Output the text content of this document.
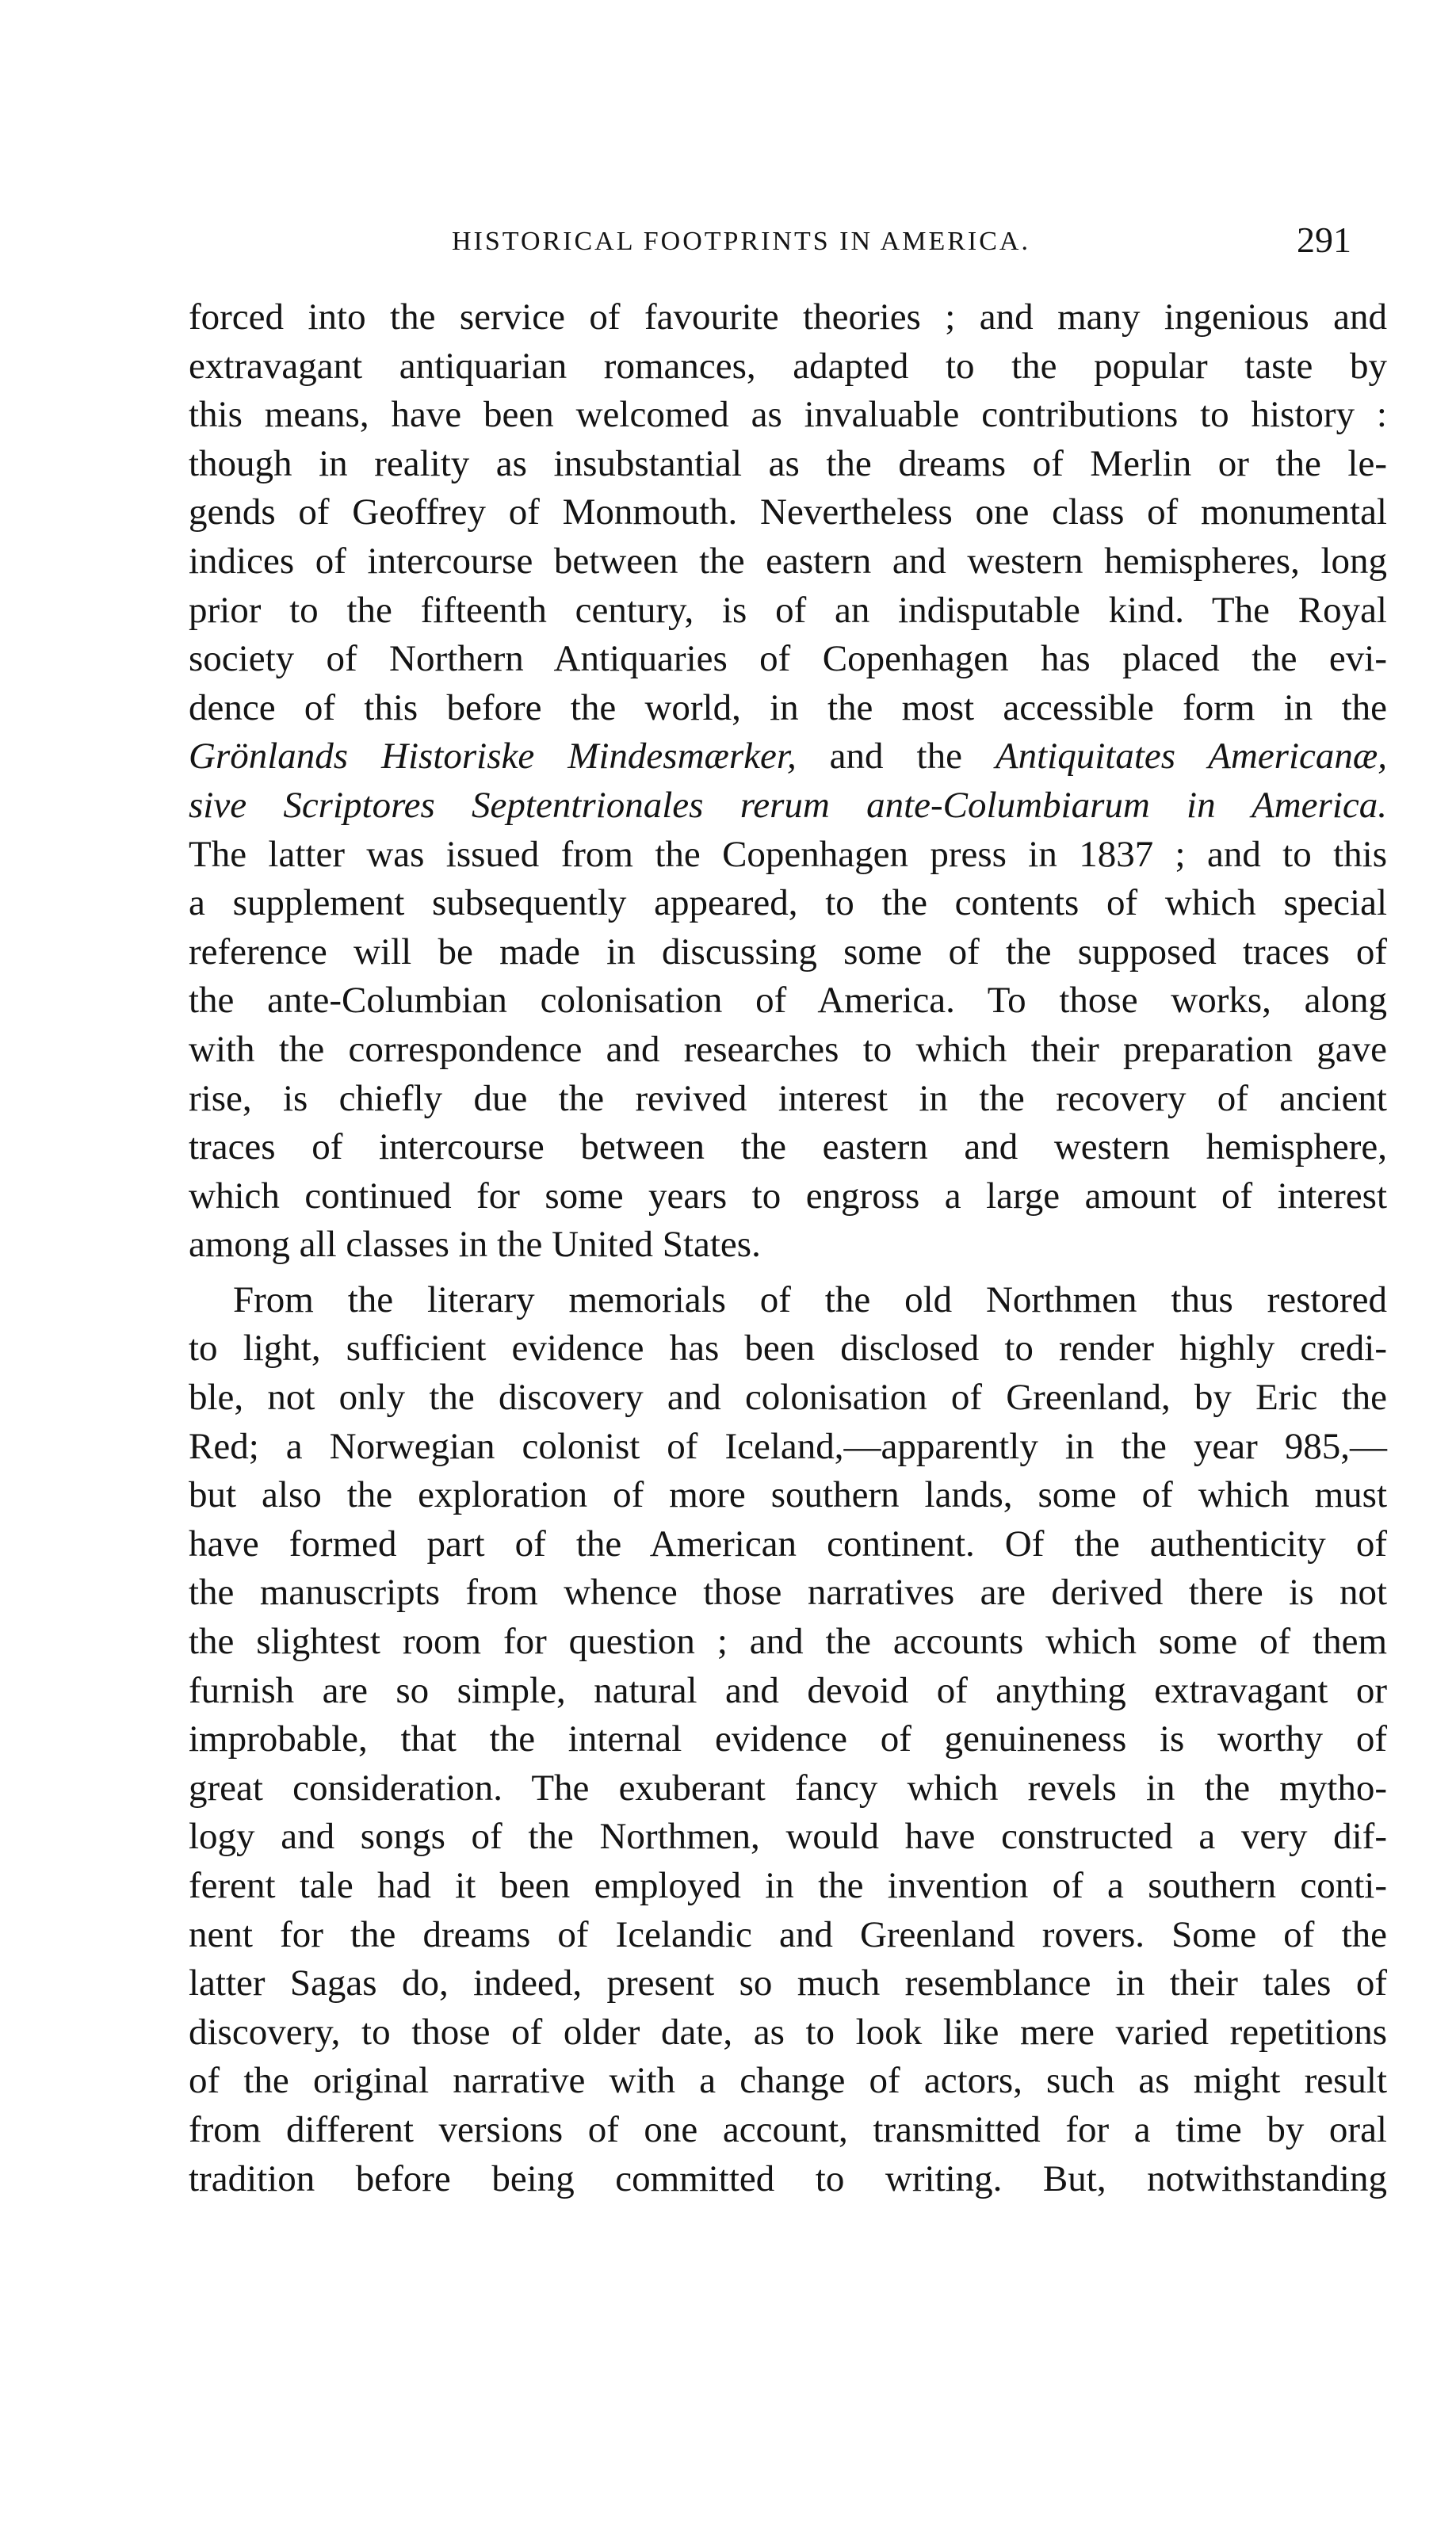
HISTORICAL FOOTPRINTS IN AMERICA.	291
forced into the service of favourite theories ; and many ingenious and
extravagant antiquarian romances, adapted to the popular taste by
this means, have been welcomed as invaluable contributions to history :
though in reality as insubstantial as the dreams of Merlin or the le-
gends of Geoffrey of Monmouth. Nevertheless one class of monumental
indices of intercourse between the eastern and western hemispheres, long
prior to the fifteenth century, is of an indisputable kind. The Royal
society of Northern Antiquaries of Copenhagen has placed the evi-
dence of this before the world, in the most accessible form in the
Grönlands Historiske Mindesmærker, and the Antiquitates Americanæ,
sive Scriptores Septentrionales rerum ante-Columbiarum in America.
The latter was issued from the Copenhagen press in 1837 ; and to this
a supplement subsequently appeared, to the contents of which special
reference will be made in discussing some of the supposed traces of
the ante-Columbian colonisation of America. To those works, along
with the correspondence and researches to which their preparation gave
rise, is chiefly due the revived interest in the recovery of ancient
traces of intercourse between the eastern and western hemisphere,
which continued for some years to engross a large amount of interest
among all classes in the United States.
From the literary memorials of the old Northmen thus restored
to light, sufficient evidence has been disclosed to render highly credi-
ble, not only the discovery and colonisation of Greenland, by Eric the
Red; a Norwegian colonist of Iceland,—apparently in the year 985,—
but also the exploration of more southern lands, some of which must
have formed part of the American continent. Of the authenticity of
the manuscripts from whence those narratives are derived there is not
the slightest room for question ; and the accounts which some of them
furnish are so simple, natural and devoid of anything extravagant or
improbable, that the internal evidence of genuineness is worthy of
great consideration. The exuberant fancy which revels in the mytho-
logy and songs of the Northmen, would have constructed a very dif-
ferent tale had it been employed in the invention of a southern conti-
nent for the dreams of Icelandic and Greenland rovers. Some of the
latter Sagas do, indeed, present so much resemblance in their tales of
discovery, to those of older date, as to look like mere varied repetitions
of the original narrative with a change of actors, such as might result
from different versions of one account, transmitted for a time by oral
tradition before being committed to writing. But, notwithstanding
